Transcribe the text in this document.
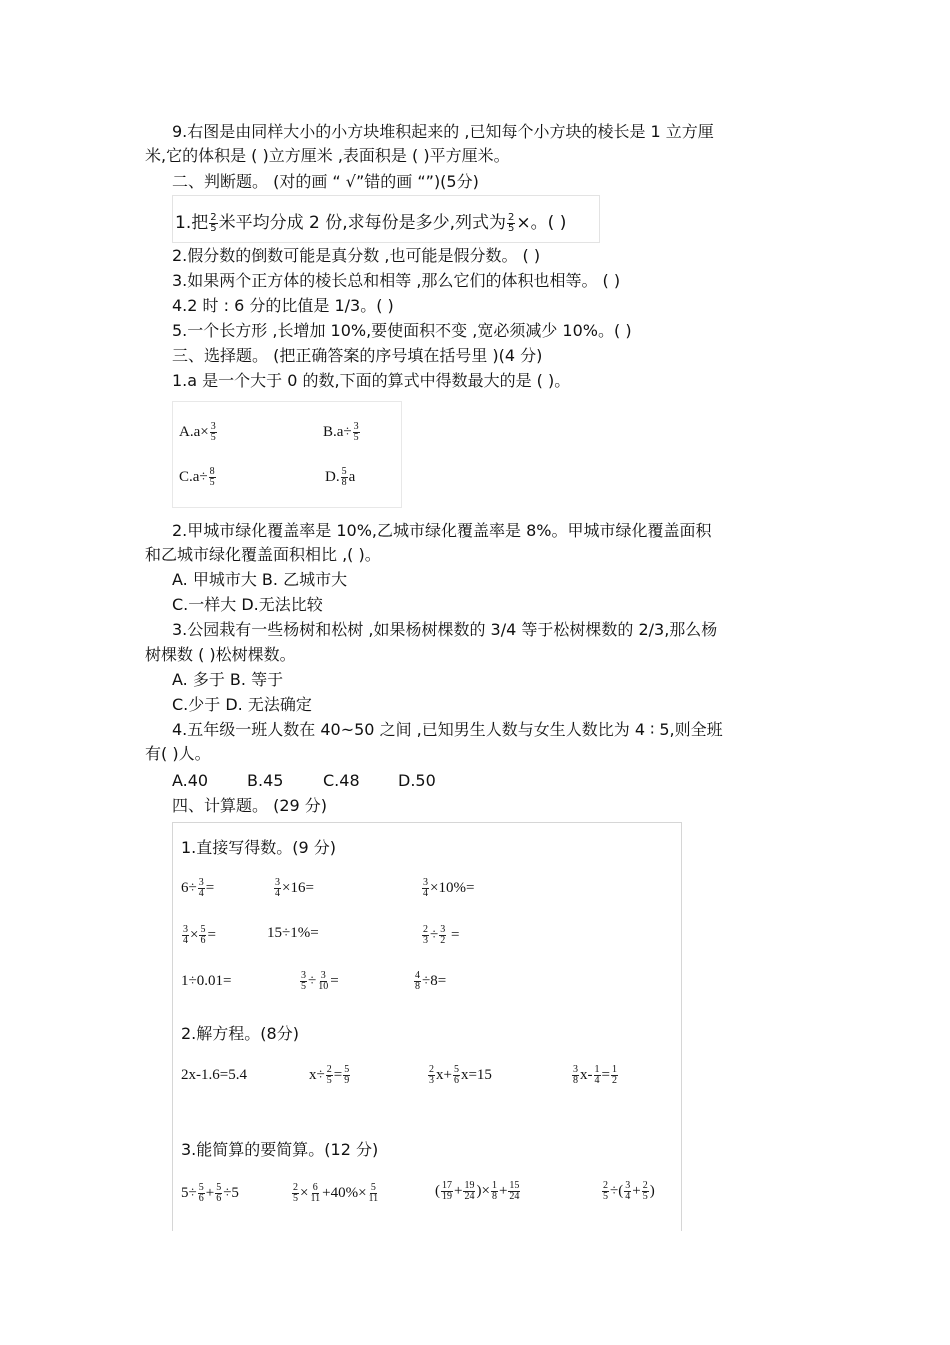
9.右图是由同样大小的小方块堆积起来的 ,已知每个小方块的棱长是 1 立方厘
米,它的体积是 ( )立方厘米 ,表面积是 ( )平方厘米。
二、判断题。 (对的画 “ √”错的画 “”)(5分)
1.把 $\frac{2}{5}$ 米平均分成 2 份,求每份是多少,列式为 $\frac{2}{5}$ ×。( )
2.假分数的倒数可能是真分数 ,也可能是假分数。 ( )
3.如果两个正方体的棱长总和相等 ,那么它们的体积也相等。 ( )
4.2 时 : 6 分的比值是 1/3。( )
5.一个长方形 ,长增加 10%,要使面积不变 ,宽必须减少 10%。( )
三、选择题。 (把正确答案的序号填在括号里 )(4 分)
1.a 是一个大于 0 的数,下面的算式中得数最大的是 ( )。
$A.a\times \frac{3}{5}$	$B.a\div \frac{3}{5}$
$C.a\div \frac{8}{5}$	D. $\frac{5}{8}$ a
2.甲城市绿化覆盖率是 10%,乙城市绿化覆盖率是 8%。甲城市绿化覆盖面积
和乙城市绿化覆盖面积相比 ,( )。
A. 甲城市大 B. 乙城市大
C.一样大 D.无法比较
3.公园栽有一些杨树和松树 ,如果杨树棵数的 3/4 等于松树棵数的 2/3,那么杨
树棵数 ( )松树棵数。
A. 多于 B. 等于
C.少于 D. 无法确定
4.五年级一班人数在 40~50 之间 ,已知男生人数与女生人数比为 4 ∶ 5,则全班
有( )人。
A.40 B.45 C.48 D.50
四、计算题。 (29 分)
1.直接写得数。(9 分)
$6\div \frac{3}{4}$ =	$\frac{3}{4} \times 16=$	$\frac{3}{4} \times 10\%=$
$\frac{3}{4} \times \frac{5}{6}$ =	15÷1%=	$\frac{2}{3} \div \frac{3}{2}$ =
1÷0.01=	$\frac{3}{5} \div \frac{3}{10}$ =	$\frac{4}{8} \div 8=$
2.解方程。(8分)
2x-1.6=5.4	$x\div \frac{2}{5} = \frac{5}{9}$	$\frac{2}{3} x+ \frac{5}{6} x=15$	$\frac{3}{8} x- \frac{1}{4} = \frac{1}{2}$
3.能简算的要简算。(12 分)
$5\div \frac{5}{6} + \frac{5}{6} \div 5$	$\frac{2}{5} \times \frac{6}{11} +40\%\times \frac{5}{11}$	( $\frac{17}{19} + \frac{19}{24}$ )× $\frac{1}{8} + \frac{15}{24}$	$\frac{2}{5}$ ÷( $\frac{3}{4} + \frac{2}{5}$ )
